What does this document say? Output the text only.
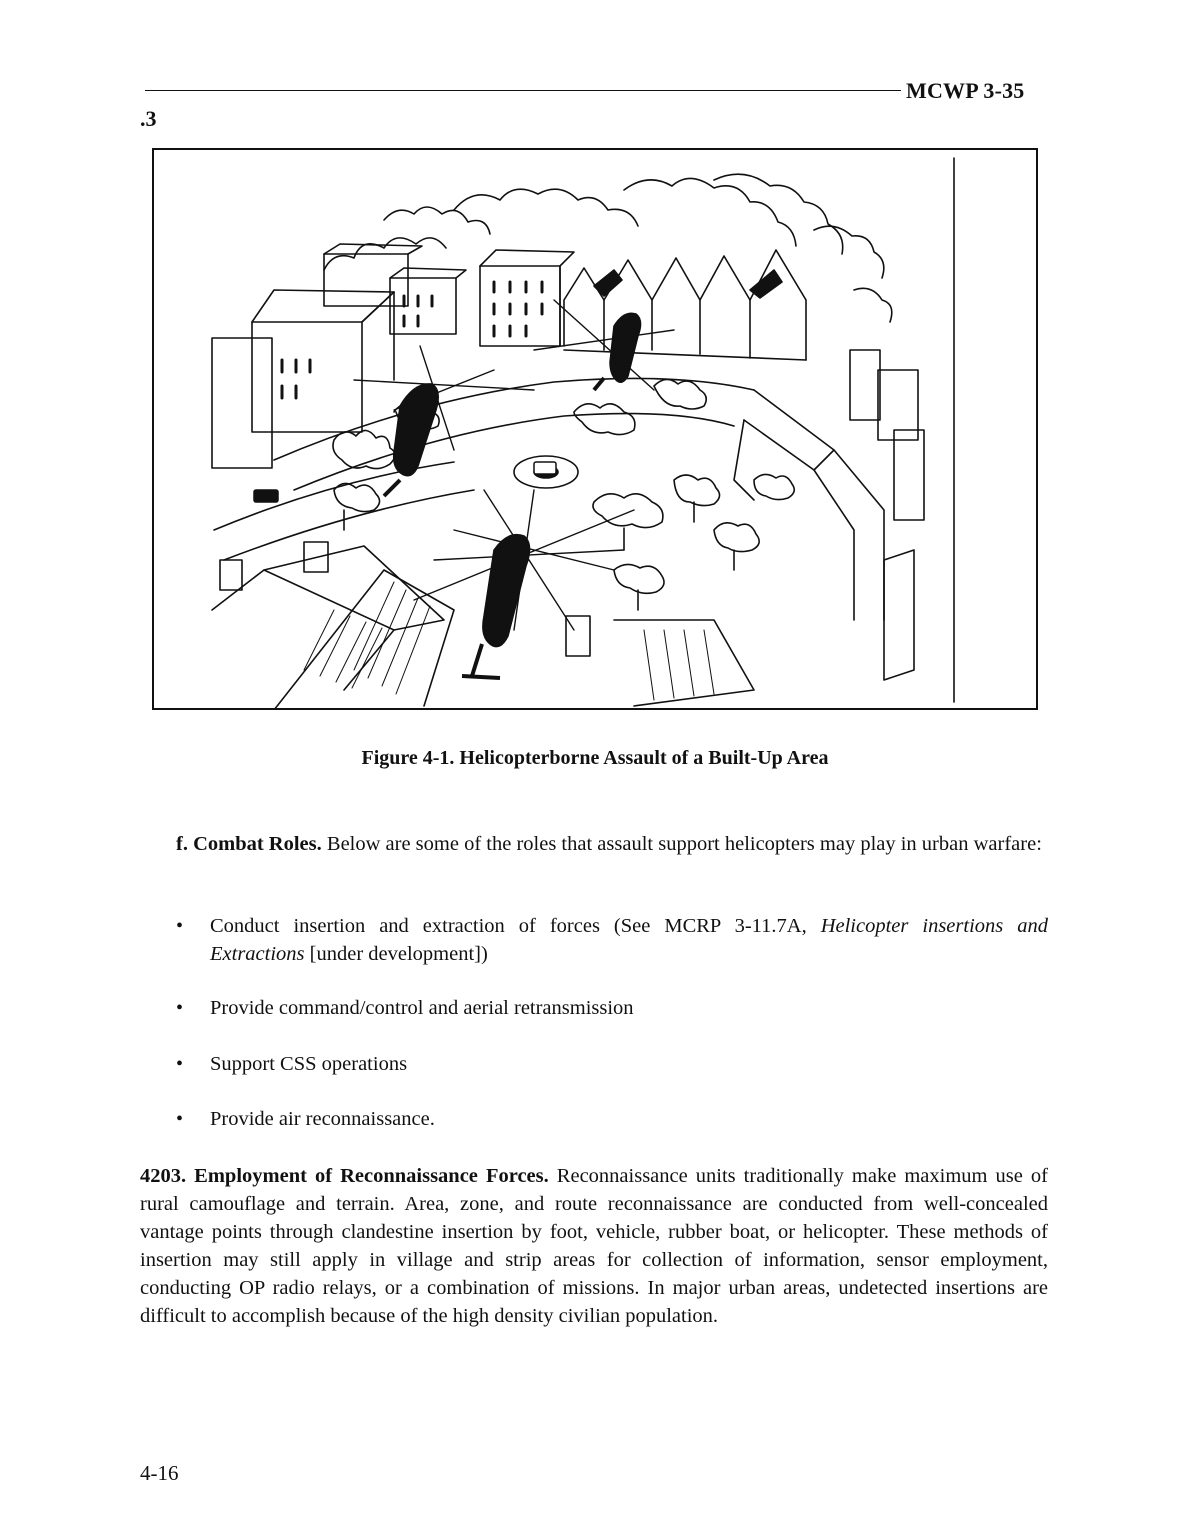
MCWP 3-35
.3
Figure 4-1. Helicopterborne Assault of a Built-Up Area
f. Combat Roles. Below are some of the roles that assault support helicopters may play in urban warfare:
• Conduct insertion and extraction of forces (See MCRP 3-11.7A, Helicopter insertions and Extractions [under development])
• Provide command/control and aerial retransmission
• Support CSS operations
• Provide air reconnaissance.
4203. Employment of Reconnaissance Forces. Reconnaissance units traditionally make maximum use of rural camouflage and terrain. Area, zone, and route reconnaissance are conducted from well-concealed vantage points through clandestine insertion by foot, vehicle, rubber boat, or helicopter. These methods of insertion may still apply in village and strip areas for collection of information, sensor employment, conducting OP radio relays, or a combination of missions. In major urban areas, undetected insertions are difficult to accomplish because of the high density civilian population.
4-16
